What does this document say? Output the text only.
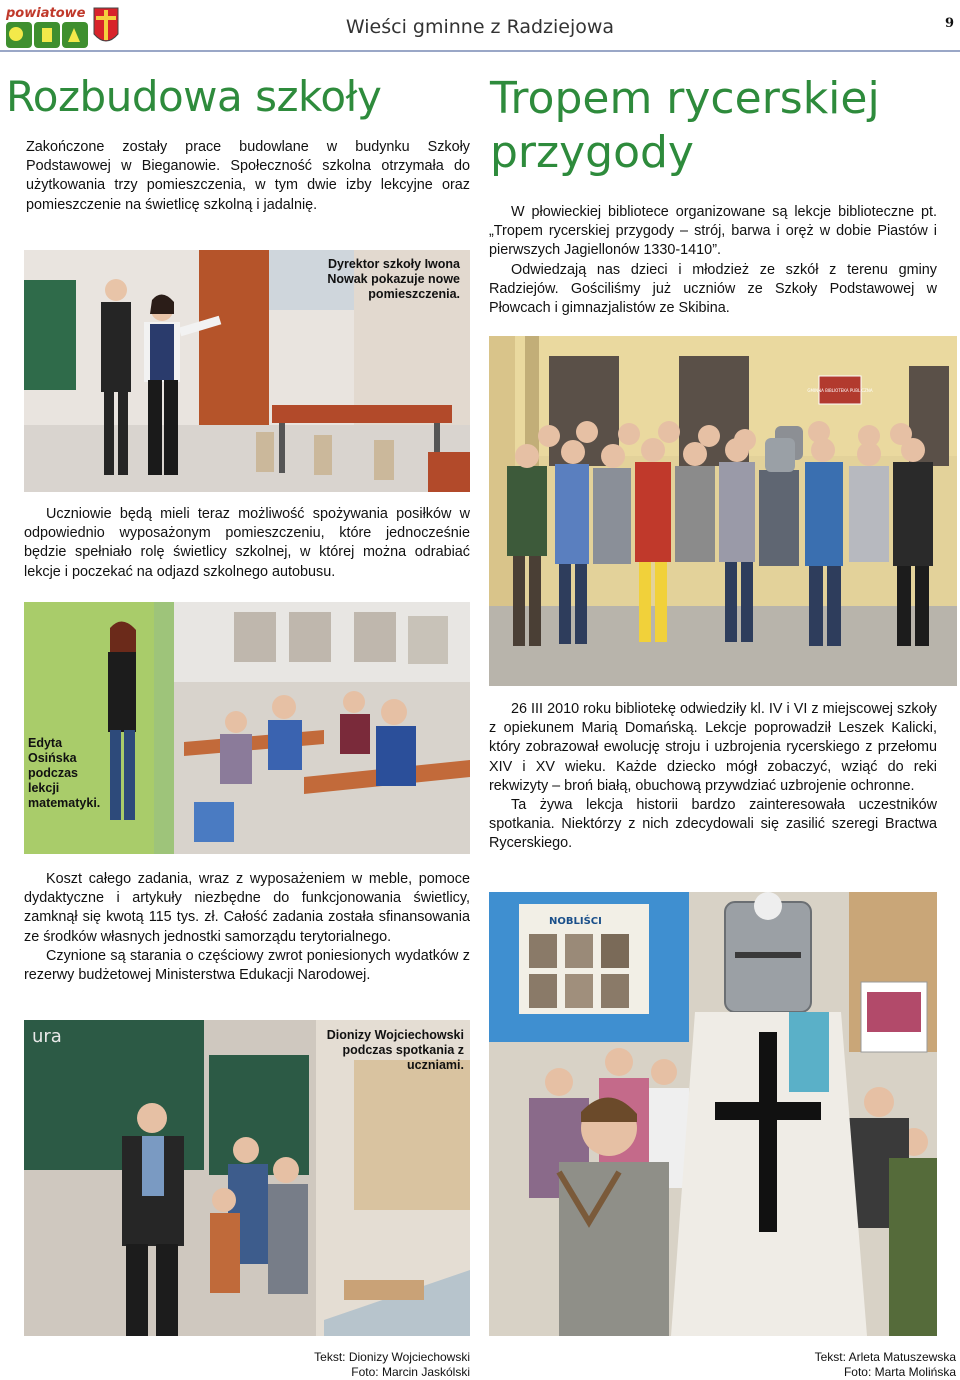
powiatowe
Wieści gminne z Radziejowa	9
Rozbudowa szkoły

Zakończone zostały prace budowlane w budynku Szkoły Podstawowej w Bieganowie. Społeczność szkolna otrzymała do użytkowania trzy pomieszczenia, w tym dwie izby lekcyjne oraz pomieszczenie na świetlicę szkolną i jadalnię.

Dyrektor szkoły Iwona Nowak pokazuje nowe pomieszczenia.

Uczniowie będą mieli teraz możliwość spożywania posiłków w odpowiednio wyposażonym pomieszczeniu, które jednocześnie będzie spełniało rolę świetlicy szkolnej, w której można odrabiać lekcje i poczekać na odjazd szkolnego autobusu.

Edyta Osińska podczas lekcji matematyki.

Koszt całego zadania, wraz z wyposażeniem w meble, pomoce dydaktyczne i artykuły niezbędne do funkcjonowania świetlicy, zamknął się kwotą 115 tys. zł. Całość zadania została sfinansowania ze środków własnych jednostki samorządu terytorialnego.

Czynione są starania o częściowy zwrot poniesionych wydatków z rezerwy budżetowej Ministerstwa Edukacji Narodowej.

ura	Dionizy Wojciechowski podczas spotkania z uczniami.
Tekst: Dionizy Wojciechowski
Foto: Marcin Jaskólski
Tropem rycerskiej przygody

W płowieckiej bibliotece organizowane są lekcje biblioteczne pt. „Tropem rycerskiej przygody – strój, barwa i oręż w dobie Piastów i pierwszych Jagiellonów 1330-1410”.

Odwiedzają nas dzieci i młodzież ze szkół z terenu gminy Radziejów. Gościliśmy już uczniów ze Szkoły Podstawowej w Płowcach i gimnazjalistów ze Skibina.

GMINNA BIBLIOTEKA PUBLICZNA

26 III 2010 roku bibliotekę odwiedziły kl. IV i VI z miejscowej szkoły z opiekunem Marią Domańską. Lekcje poprowadził Leszek Kalicki, który zobrazował ewolucję stroju i uzbrojenia rycerskiego z przełomu XIV i XV wieku. Każde dziecko mógł zobaczyć, wziąć do reki rekwizyty – broń białą, obuchową przywdziać uzbrojenie ochronne.

Ta żywa lekcja historii bardzo zainteresowała uczestników spotkania. Niektórzy z nich zdecydowali się zasilić szeregi Bractwa Rycerskiego.

NOBLIŚCI
Tekst: Arleta Matuszewska
Foto: Marta Molińska
